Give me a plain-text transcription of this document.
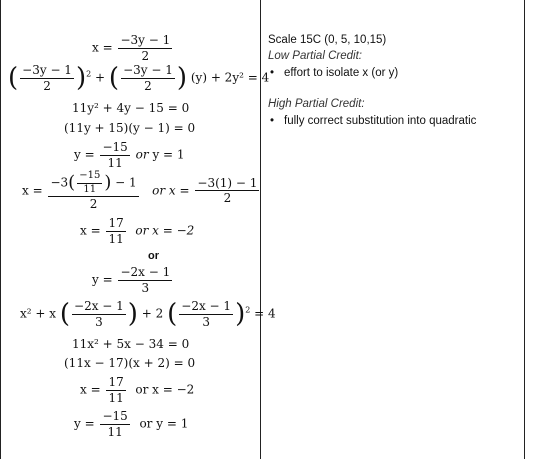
$x = \frac{-3y - 1}{2}$
( $\frac{-3y - 1}{2} )^2$ + ( $\frac{-3y - 1}{2}$ ) (y) + 2y² = 4
11y² + 4y − 15 = 0
(11y + 15)(y − 1) = 0
$y = \frac{-15}{11}$ or y = 1
$x = \frac{-3( \frac{-15}{11} ) - 1}{2}$ or $x = \frac{-3(1) - 1}{2}$
$x = \frac{17}{11}$ or x = −2
or
$y = \frac{-2x - 1}{3}$
x² + x ( $\frac{-2x - 1}{3}$ ) + 2 ( $\frac{-2x - 1}{3} )^2 = 4$
11x² + 5x − 34 = 0
(11x − 17)(x + 2) = 0
$x = \frac{17}{11}$ or x = −2
$y = \frac{-15}{11}$ or y = 1
Scale 15C (0, 5, 10,15)
Low Partial Credit:
• effort to isolate x (or y)
High Partial Credit:
• fully correct substitution into quadratic
